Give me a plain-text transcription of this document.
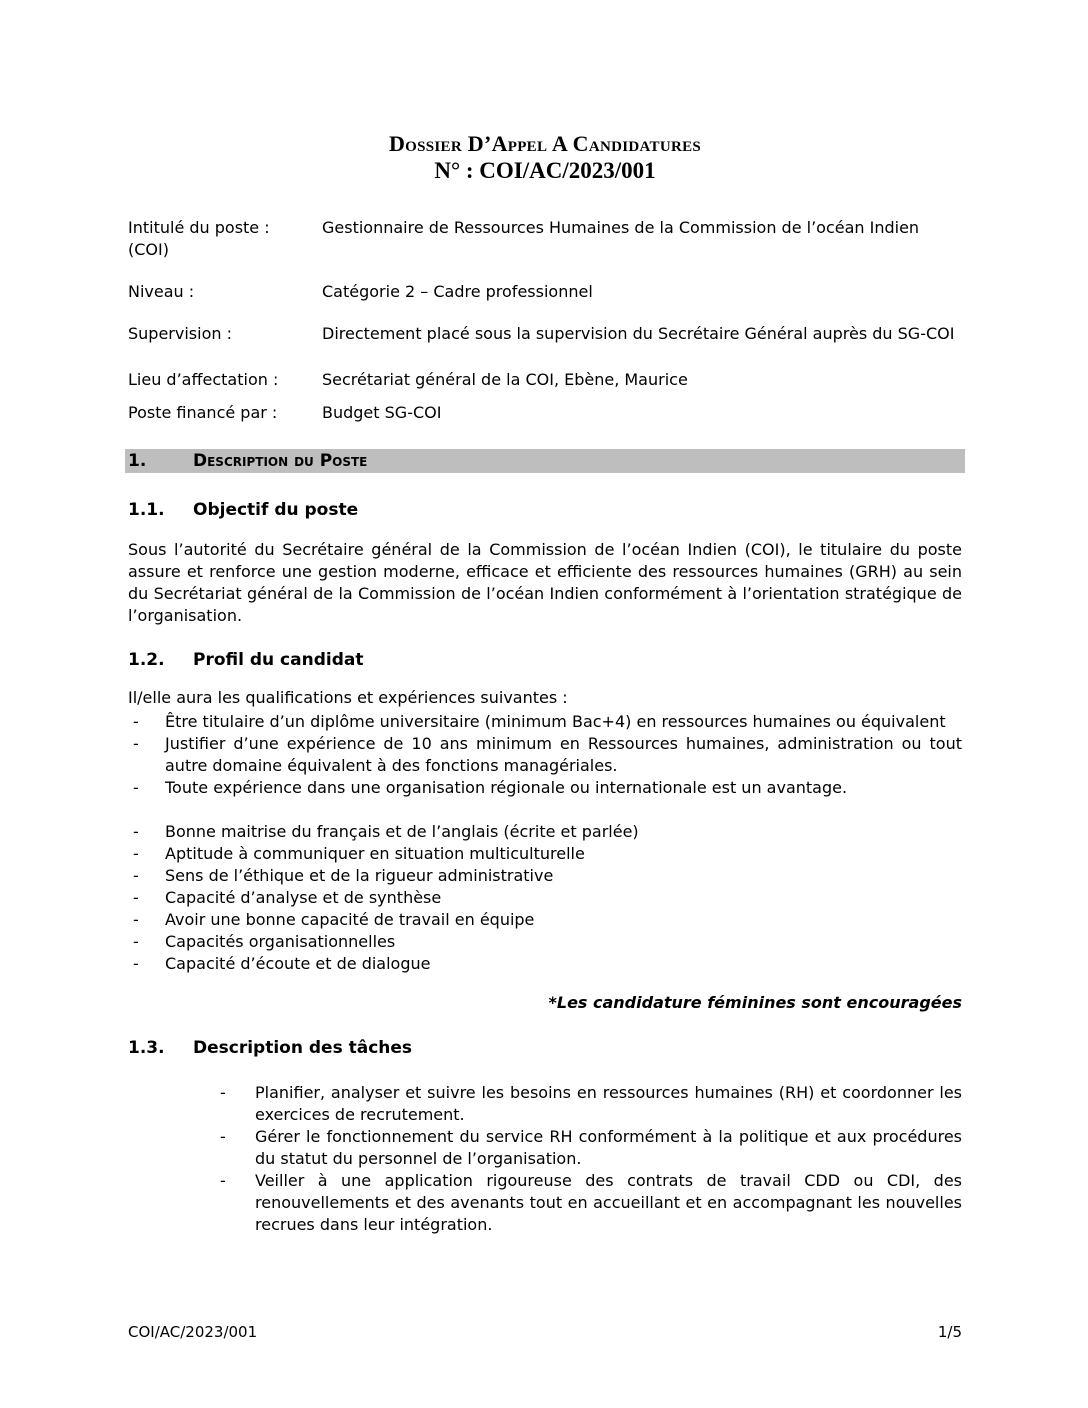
Dossier D’Appel A Candidatures
N° : COI/AC/2023/001
Intitulé du poste :	Gestionnaire de Ressources Humaines de la Commission de l’océan Indien (COI)
Niveau :	Catégorie 2 – Cadre professionnel
Supervision :	Directement placé sous la supervision du Secrétaire Général auprès du SG-COI
Lieu d’affectation :	Secrétariat général de la COI, Ebène, Maurice
Poste financé par :	Budget SG-COI
1.	Description du Poste
1.1.	Objectif du poste
Sous l’autorité du Secrétaire général de la Commission de l’océan Indien (COI), le titulaire du poste assure et renforce une gestion moderne, efficace et efficiente des ressources humaines (GRH) au sein du Secrétariat général de la Commission de l’océan Indien conformément à l’orientation stratégique de l’organisation.
1.2.	Profil du candidat
Il/elle aura les qualifications et expériences suivantes :
- Être titulaire d’un diplôme universitaire (minimum Bac+4) en ressources humaines ou équivalent
- Justifier d’une expérience de 10 ans minimum en Ressources humaines, administration ou tout autre domaine équivalent à des fonctions managériales.
- Toute expérience dans une organisation régionale ou internationale est un avantage.
- Bonne maitrise du français et de l’anglais (écrite et parlée)
- Aptitude à communiquer en situation multiculturelle
- Sens de l’éthique et de la rigueur administrative
- Capacité d’analyse et de synthèse
- Avoir une bonne capacité de travail en équipe
- Capacités organisationnelles
- Capacité d’écoute et de dialogue
*Les candidature féminines sont encouragées
1.3.	Description des tâches
- Planifier, analyser et suivre les besoins en ressources humaines (RH) et coordonner les exercices de recrutement.
- Gérer le fonctionnement du service RH conformément à la politique et aux procédures du statut du personnel de l’organisation.
- Veiller à une application rigoureuse des contrats de travail CDD ou CDI, des renouvellements et des avenants tout en accueillant et en accompagnant les nouvelles recrues dans leur intégration.
COI/AC/2023/001	1/5
